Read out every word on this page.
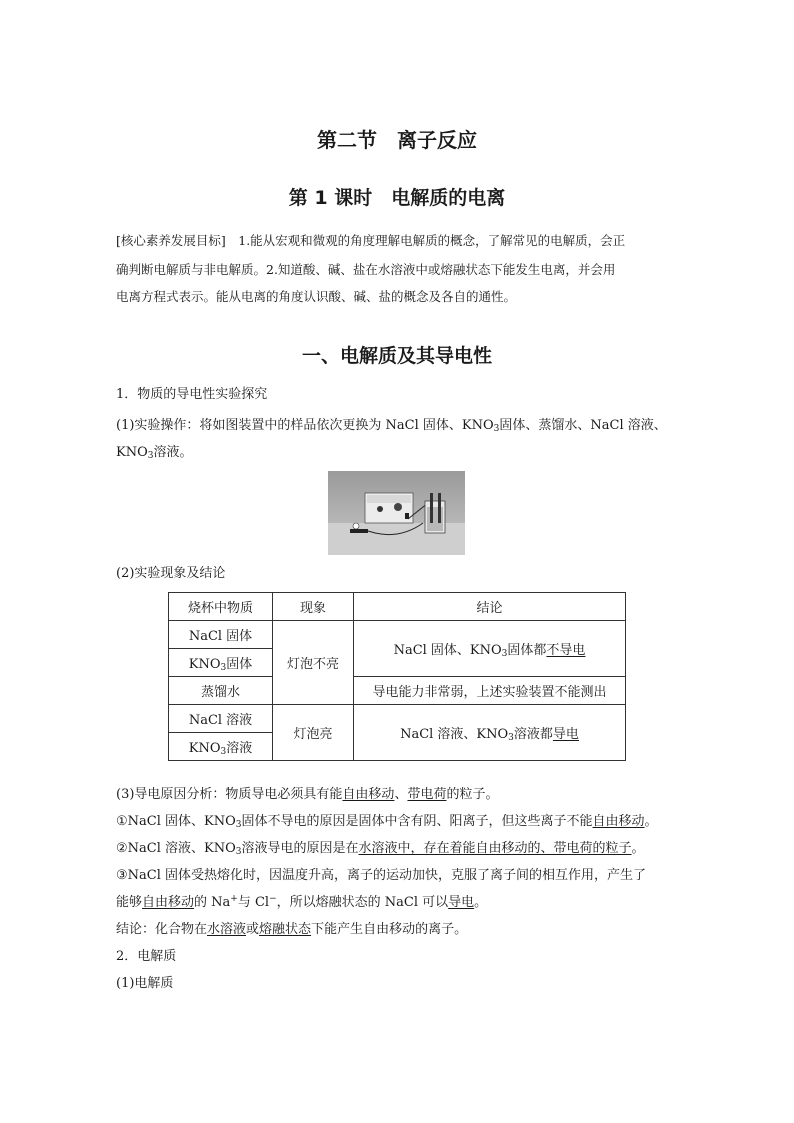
第二节　离子反应
第 1 课时　电解质的电离
[核心素养发展目标]　1.能从宏观和微观的角度理解电解质的概念，了解常见的电解质，会正
确判断电解质与非电解质。2.知道酸、碱、盐在水溶液中或熔融状态下能发生电离，并会用
电离方程式表示。能从电离的角度认识酸、碱、盐的概念及各自的通性。
一、电解质及其导电性
1．物质的导电性实验探究
(1)实验操作：将如图装置中的样品依次更换为 NaCl 固体、$KNO_3$固体、蒸馏水、NaCl 溶液、
$KNO_3$溶液。
(2)实验现象及结论
烧杯中物质	现象	结论
NaCl 固体	灯泡不亮	NaCl 固体、$KNO_3$固体都不导电
$KNO_3$固体		
蒸馏水		导电能力非常弱，上述实验装置不能测出
NaCl 溶液	灯泡亮	NaCl 溶液、$KNO_3$溶液都导电
$KNO_3$溶液		
(3)导电原因分析：物质导电必须具有能自由移动、带电荷的粒子。
①NaCl 固体、$KNO_3$固体不导电的原因是固体中含有阴、阳离子，但这些离子不能自由移动。
②NaCl 溶液、$KNO_3$溶液导电的原因是在水溶液中，存在着能自由移动的、带电荷的粒子。
③NaCl 固体受热熔化时，因温度升高，离子的运动加快，克服了离子间的相互作用，产生了
能够自由移动的 Na+与 Cl−，所以熔融状态的 NaCl 可以导电。
结论：化合物在水溶液或熔融状态下能产生自由移动的离子。
2．电解质
(1)电解质
